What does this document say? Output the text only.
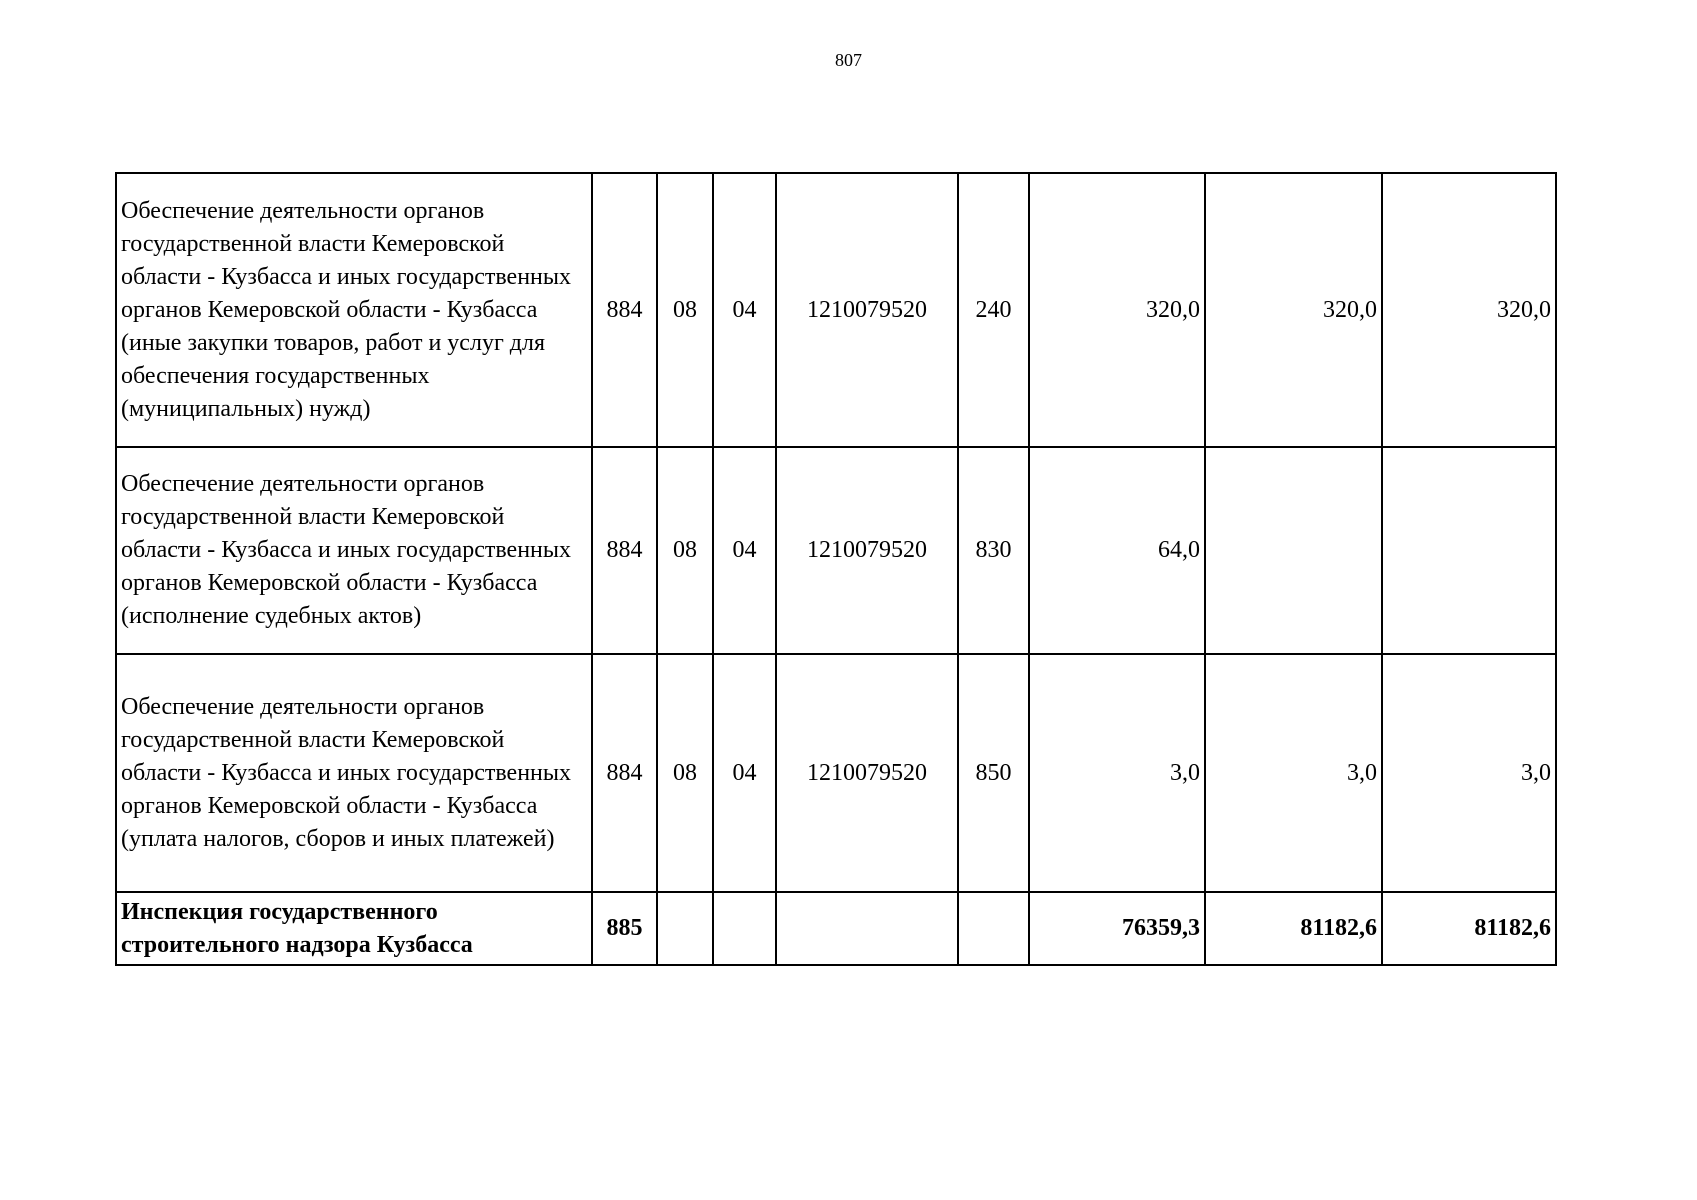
807
Обеспечение деятельности органов государственной власти Кемеровской области - Кузбасса и иных государственных органов Кемеровской области - Кузбасса (иные закупки товаров, работ и услуг для обеспечения государственных (муниципальных) нужд)	884	08	04	1210079520	240	320,0	320,0	320,0
Обеспечение деятельности органов государственной власти Кемеровской области - Кузбасса и иных государственных органов Кемеровской области - Кузбасса (исполнение судебных актов)	884	08	04	1210079520	830	64,0		
Обеспечение деятельности органов государственной власти Кемеровской области - Кузбасса и иных государственных органов Кемеровской области - Кузбасса (уплата налогов, сборов и иных платежей)	884	08	04	1210079520	850	3,0	3,0	3,0
Инспекция государственного строительного надзора Кузбасса	885					76359,3	81182,6	81182,6
